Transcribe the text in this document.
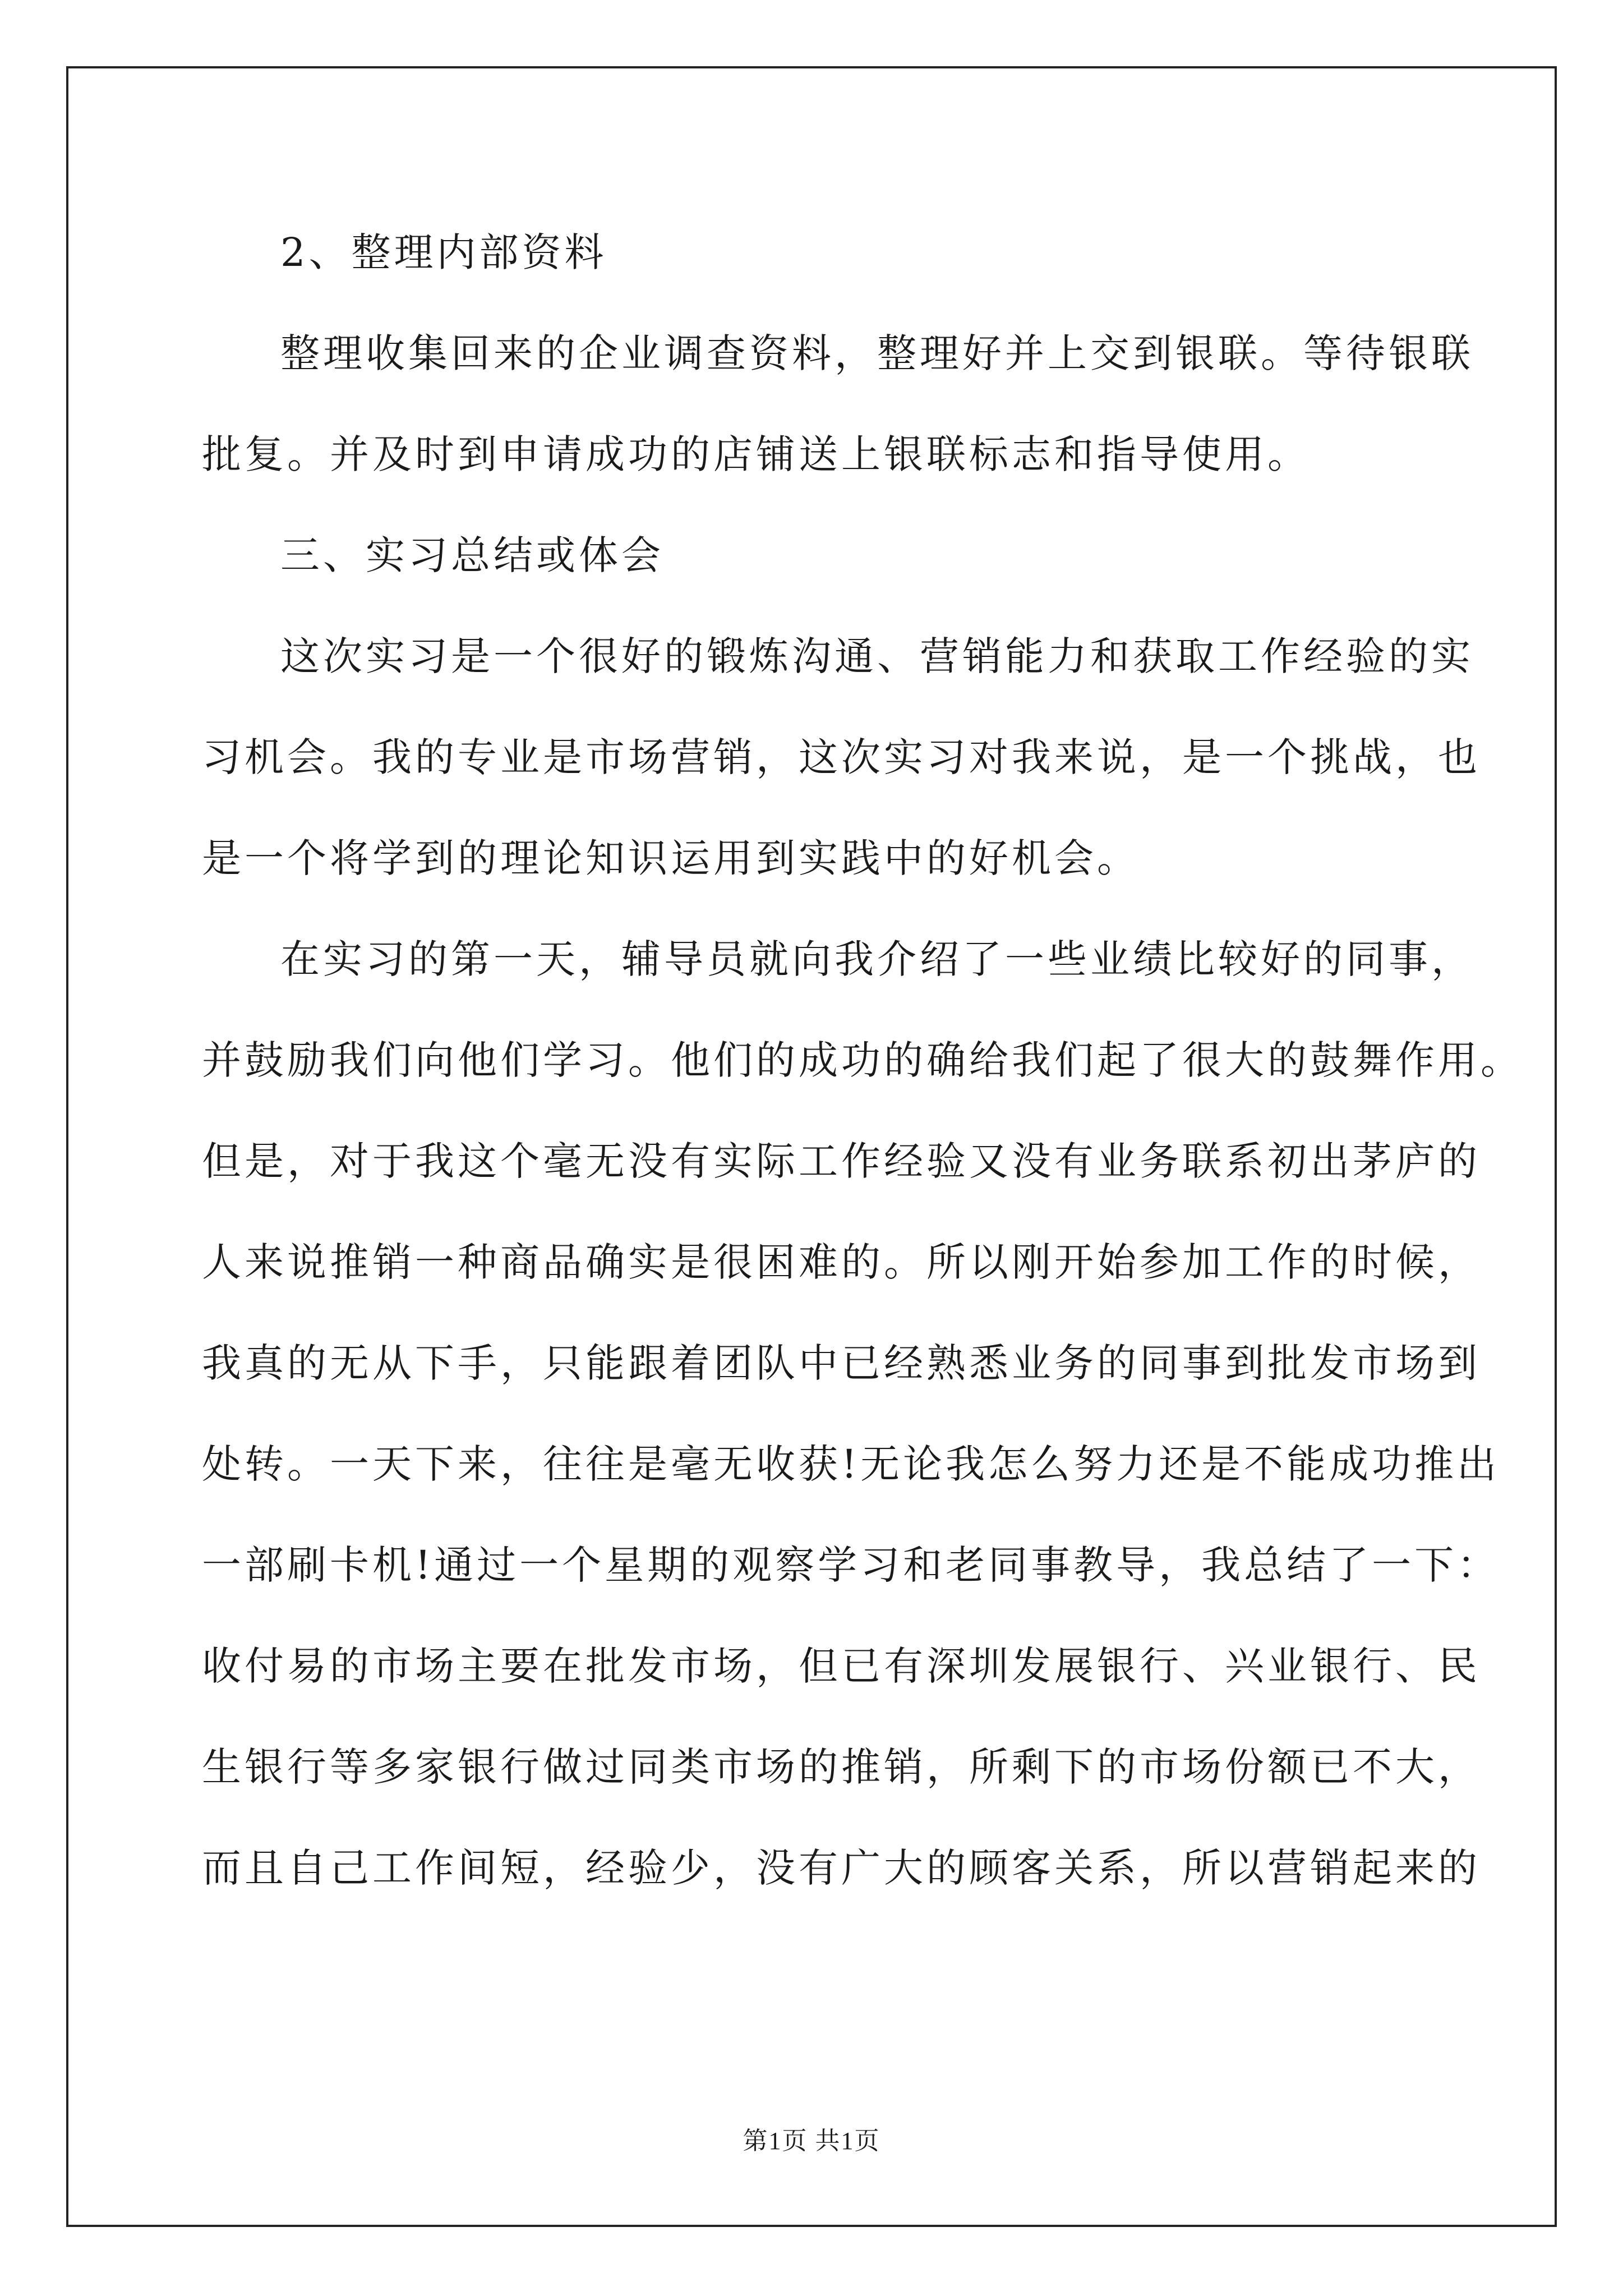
2、整理内部资料
整理收集回来的企业调查资料，整理好并上交到银联。等待银联
批复。并及时到申请成功的店铺送上银联标志和指导使用。
三、实习总结或体会
这次实习是一个很好的锻炼沟通、营销能力和获取工作经验的实
习机会。我的专业是市场营销，这次实习对我来说，是一个挑战，也
是一个将学到的理论知识运用到实践中的好机会。
在实习的第一天，辅导员就向我介绍了一些业绩比较好的同事，
并鼓励我们向他们学习。他们的成功的确给我们起了很大的鼓舞作用。
但是，对于我这个毫无没有实际工作经验又没有业务联系初出茅庐的
人来说推销一种商品确实是很困难的。所以刚开始参加工作的时候，
我真的无从下手，只能跟着团队中已经熟悉业务的同事到批发市场到
处转。一天下来，往往是毫无收获!无论我怎么努力还是不能成功推出
一部刷卡机!通过一个星期的观察学习和老同事教导，我总结了一下：
收付易的市场主要在批发市场，但已有深圳发展银行、兴业银行、民
生银行等多家银行做过同类市场的推销，所剩下的市场份额已不大，
而且自己工作间短，经验少，没有广大的顾客关系，所以营销起来的
第1页 共1页
